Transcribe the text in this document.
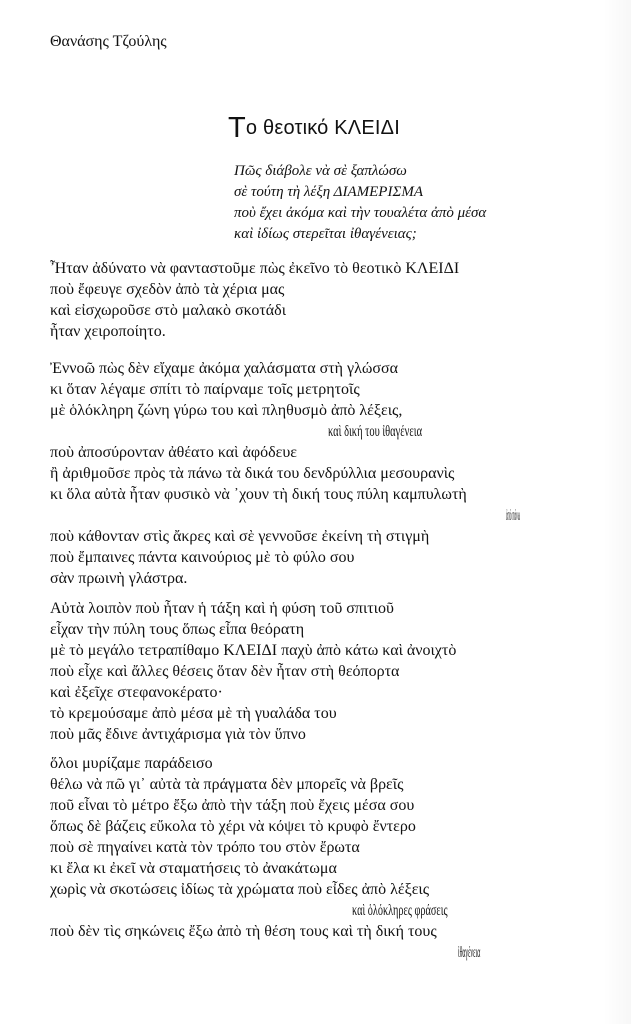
Θανάσης Τζούλης
Το θεοτικό ΚΛΕΙΔΙ
Πῶς διάβολε νὰ σὲ ξαπλώσω
σὲ τούτη τὴ λέξη ΔΙΑΜΕΡΙΣΜΑ
ποὺ ἔχει ἀκόμα καὶ τὴν τουαλέτα ἀπὸ μέσα
καὶ ἰδίως στερεῖται ἰθαγένειας;
Ἦταν ἀδύνατο νὰ φανταστοῦμε πὼς ἐκεῖνο τὸ θεοτικὸ ΚΛΕΙΔΙ
ποὺ ἔφευγε σχεδὸν ἀπὸ τὰ χέρια μας
καὶ εἰσχωροῦσε στὸ μαλακὸ σκοτάδι
ἦταν χειροποίητο.
Ἐννοῶ πὼς δὲν εἴχαμε ἀκόμα χαλάσματα στὴ γλώσσα
κι ὅταν λέγαμε σπίτι τὸ παίρναμε τοῖς μετρητοῖς
μὲ ὁλόκληρη ζώνη γύρω του καὶ πληθυσμὸ ἀπὸ λέξεις,
καὶ δική του ἰθαγένεια
ποὺ ἀποσύρονταν ἀθέατο καὶ ἀφόδευε
ἢ ἀριθμοῦσε πρὸς τὰ πάνω τὰ δικά του δενδρύλλια μεσουρανὶς
κι ὅλα αὐτὰ ἦταν φυσικὸ νὰ ᾽χουν τὴ δική τους πύλη καμπυλωτὴ
ἀπὸ πάνω
ποὺ κάθονταν στὶς ἄκρες καὶ σὲ γεννοῦσε ἐκείνη τὴ στιγμὴ
ποὺ ἔμπαινες πάντα καινούριος μὲ τὸ φύλο σου
σὰν πρωινὴ γλάστρα.
Αὐτὰ λοιπὸν ποὺ ἦταν ἡ τάξη καὶ ἡ φύση τοῦ σπιτιοῦ
εἶχαν τὴν πύλη τους ὅπως εἶπα θεόρατη
μὲ τὸ μεγάλο τετραπίθαμο ΚΛΕΙΔΙ παχὺ ἀπὸ κάτω καὶ ἀνοιχτὸ
ποὺ εἶχε καὶ ἄλλες θέσεις ὅταν δὲν ἦταν στὴ θεόπορτα
καὶ ἐξεῖχε στεφανοκέρατο·
τὸ κρεμούσαμε ἀπὸ μέσα μὲ τὴ γυαλάδα του
ποὺ μᾶς ἔδινε ἀντιχάρισμα γιὰ τὸν ὕπνο
ὅλοι μυρίζαμε παράδεισο
θέλω νὰ πῶ γι᾽ αὐτὰ τὰ πράγματα δὲν μπορεῖς νὰ βρεῖς
ποῦ εἶναι τὸ μέτρο ἔξω ἀπὸ τὴν τάξη ποὺ ἔχεις μέσα σου
ὅπως δὲ βάζεις εὔκολα τὸ χέρι νὰ κόψει τὸ κρυφὸ ἔντερο
ποὺ σὲ πηγαίνει κατὰ τὸν τρόπο του στὸν ἔρωτα
κι ἔλα κι ἐκεῖ νὰ σταματήσεις τὸ ἀνακάτωμα
χωρὶς νὰ σκοτώσεις ἰδίως τὰ χρώματα ποὺ εἶδες ἀπὸ λέξεις
καὶ ὁλόκληρες φράσεις
ποὺ δὲν τὶς σηκώνεις ἔξω ἀπὸ τὴ θέση τους καὶ τὴ δική τους
ἰθαγένεια
